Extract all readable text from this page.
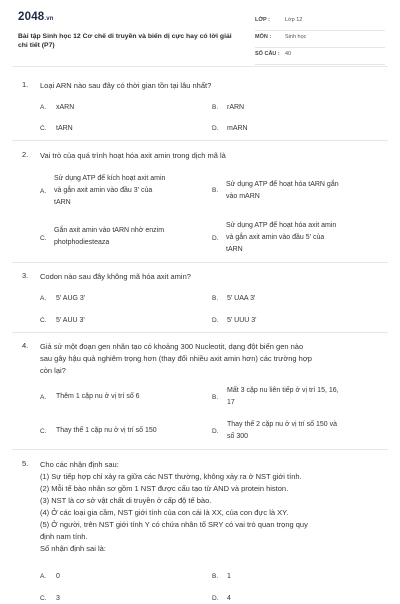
2048.vn
Bài tập Sinh học 12 Cơ chế di truyền và biến dị cực hay có lời giải chi tiết (P7)
LỚP :	Lớp 12
MÔN :	Sinh học
SỐ CÂU : 40
1. Loại ARN nào sau đây có thời gian tồn tại lâu nhất?
A. xARN	B. rARN
C. tARN	D. mARN
2. Vai trò của quá trình hoạt hóa axit amin trong dịch mã là
A.
Sử dụng ATP để kích hoạt axit amin
và gắn axit amin vào đầu 3' của
tARN
B.
Sử dụng ATP để hoạt hóa tARN gắn
vào mARN
C.
Gắn axit amin vào tARN nhờ enzim
photphodiesteaza
D.
Sử dụng ATP để hoạt hóa axit amin
và gắn axit amin vào đầu 5' của
tARN
3. Codon nào sau đây không mã hóa axit amin?
A. 5' AUG 3'	B. 5' UAA 3'
C. 5' AUU 3'	D. 5' UUU 3'
4. Giả sử một đoạn gen nhân tạo có khoảng 300 Nucleotit, dạng đột biến gen nào
sau gây hậu quả nghiêm trọng hơn (thay đổi nhiều axit amin hơn) các trường hợp
còn lại?
A. Thêm 1 cặp nu ở vị trí số 6	B.
Mất 3 cặp nu liên tiếp ở vị trí 15, 16,
17
C. Thay thế 1 cặp nu ở vị trí số 150	D.
Thay thế 2 cặp nu ở vị trí số 150 và
số 300
5. Cho các nhận định sau:
(1) Sự tiếp hợp chỉ xảy ra giữa các NST thường, không xảy ra ở NST giới tính.
(2) Mỗi tế bào nhân sơ gồm 1 NST được cấu tạo từ AND và protein histon.
(3) NST là cơ sở vật chất di truyền ở cấp độ tế bào.
(4) Ở các loại gia cầm, NST giới tính của con cái là XX, của con đực là XY.
(5) Ở người, trên NST giới tính Y có chứa nhân tố SRY có vai trò quan trọng quy
định nam tính.
Số nhận định sai là:
A. 0	B. 1
C. 3	D. 4
